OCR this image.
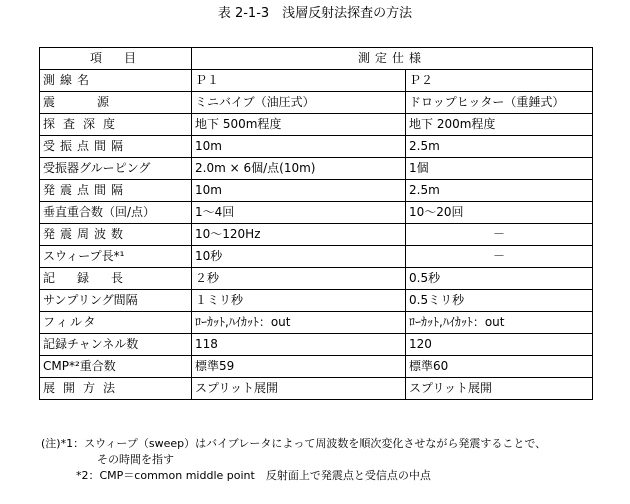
表 2-1-3　浅層反射法探査の方法
項　目	測定仕様	
測線名	Ｐ１	Ｐ２
震源	ミニバイブ（油圧式）	ドロップヒッター（重錘式）
探査深度	地下 500m程度	地下 200m程度
受振点間隔	10m	2.5m
受振器グルーピング	2.0m × 6個/点(10m)	1個
発震点間隔	10m	2.5m
垂直重合数（回/点）	1～4回	10～20回
発震周波数	10～120Hz	－
スウィープ長*¹	10秒	－
記録長	２秒	0.5秒
サンプリング間隔	１ミリ秒	0.5ミリ秒
フィルタ	ﾛｰｶｯﾄ,ﾊｲｶｯﾄ：out	ﾛｰｶｯﾄ,ﾊｲｶｯﾄ：out
記録チャンネル数	118	120
CMP*²重合数	標準59	標準60
展開方法	スプリット展開	スプリット展開
(注)*1：スウィープ（sweep）はバイブレータによって周波数を順次変化させながら発震することで、
その時間を指す
*2：CMP＝common middle point　反射面上で発震点と受信点の中点
